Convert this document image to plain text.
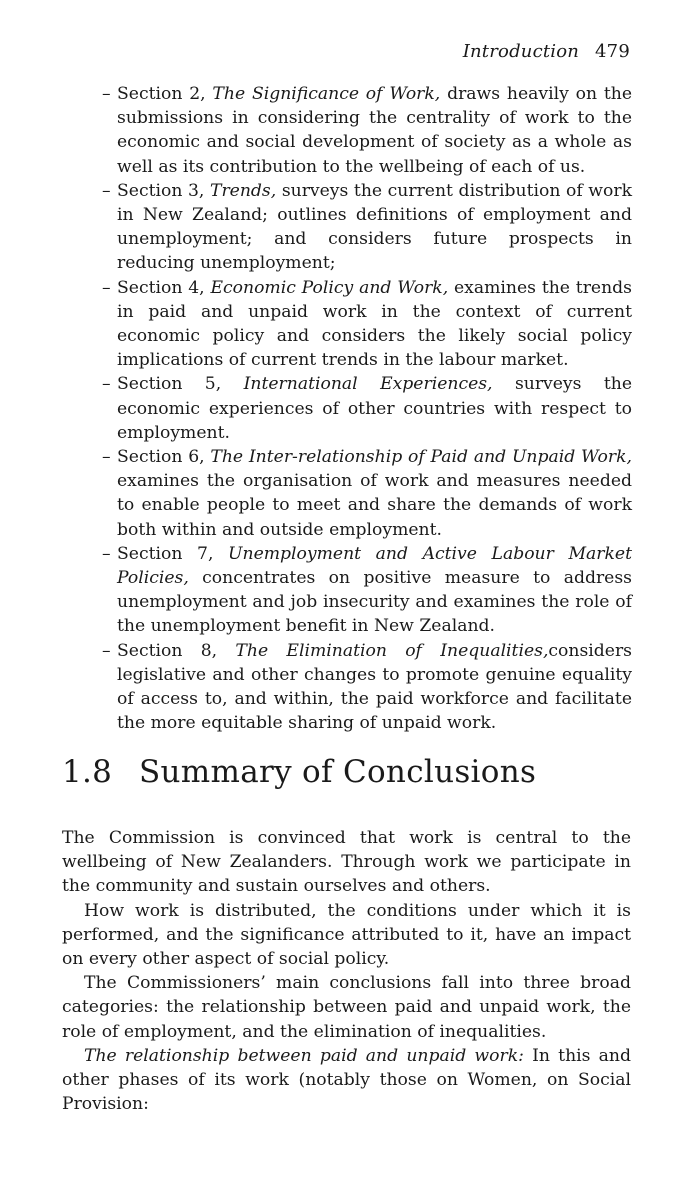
Introduction 479
– Section 2, The Significance of Work, draws heavily on the submissions in considering the centrality of work to the economic and social development of society as a whole as well as its contribution to the wellbeing of each of us.
– Section 3, Trends, surveys the current distribution of work in New Zealand; outlines definitions of employment and unemployment; and considers future prospects in reducing unemployment;
– Section 4, Economic Policy and Work, examines the trends in paid and unpaid work in the context of current economic policy and considers the likely social policy implications of current trends in the labour market.
– Section 5, International Experiences, surveys the economic experiences of other countries with respect to employment.
– Section 6, The Inter-relationship of Paid and Unpaid Work, examines the organisation of work and measures needed to enable people to meet and share the demands of work both within and outside employment.
– Section 7, Unemployment and Active Labour Market Policies, concentrates on positive measure to address unemployment and job insecurity and examines the role of the unemployment benefit in New Zealand.
– Section 8, The Elimination of Inequalities,considers legislative and other changes to promote genuine equality of access to, and within, the paid workforce and facilitate the more equitable sharing of unpaid work.
1.8 Summary of Conclusions

The Commission is convinced that work is central to the wellbeing of New Zealanders. Through work we participate in the community and sustain ourselves and others.

How work is distributed, the conditions under which it is performed, and the significance attributed to it, have an impact on every other aspect of social policy.

The Commissioners’ main conclusions fall into three broad categories: the relationship between paid and unpaid work, the role of employment, and the elimination of inequalities.

The relationship between paid and unpaid work: In this and other phases of its work (notably those on Women, on Social Provision:
